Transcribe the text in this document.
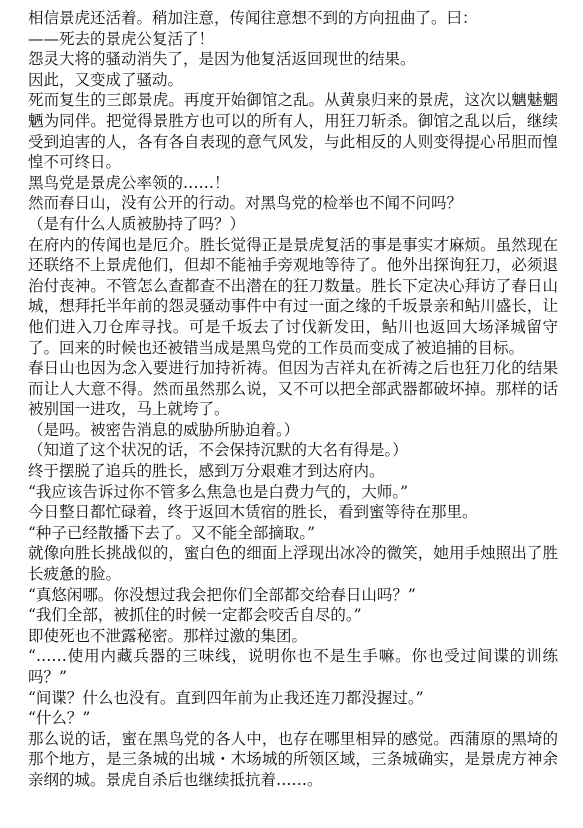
相信景虎还活着。稍加注意，传闻往意想不到的方向扭曲了。曰：

——死去的景虎公复活了！

怨灵大将的骚动消失了，是因为他复活返回现世的结果。

因此，又变成了骚动。

死而复生的三郎景虎。再度开始御馆之乱。从黄泉归来的景虎，这次以魑魅魍魉为同伴。把觉得景胜方也可以的所有人，用狂刀斩杀。御馆之乱以后，继续受到迫害的人，各有各自表现的意气风发，与此相反的人则变得提心吊胆而惶惶不可终日。

黑鸟党是景虎公率领的……！

然而春日山，没有公开的行动。对黑鸟党的检举也不闻不问吗？

（是有什么人质被胁持了吗？）

在府内的传闻也是厄介。胜长觉得正是景虎复活的事是事实才麻烦。虽然现在还联络不上景虎他们，但却不能袖手旁观地等待了。他外出探询狂刀，必须退治付丧神。不管怎么查都查不出潜在的狂刀数量。胜长下定决心拜访了春日山城，想拜托半年前的怨灵骚动事件中有过一面之缘的千坂景亲和鲇川盛长，让他们进入刀仓库寻找。可是千坂去了讨伐新发田，鲇川也返回大场泽城留守了。回来的时候也还被错当成是黑鸟党的工作员而变成了被追捕的目标。

春日山也因为念入要进行加持祈祷。但因为吉祥丸在祈祷之后也狂刀化的结果而让人大意不得。然而虽然那么说，又不可以把全部武器都破坏掉。那样的话被别国一进攻，马上就垮了。

（是吗。被密告消息的威胁所胁迫着。）

（知道了这个状况的话，不会保持沉默的大名有得是。）

终于摆脱了追兵的胜长，感到万分艰难才到达府内。

“我应该告诉过你不管多么焦急也是白费力气的，大师。”

今日整日都忙碌着，终于返回木赁宿的胜长，看到蜜等待在那里。

“种子已经散播下去了。又不能全部摘取。”

就像向胜长挑战似的，蜜白色的细面上浮现出冰冷的微笑，她用手烛照出了胜长疲惫的脸。

“真悠闲哪。你没想过我会把你们全部都交给春日山吗？”

“我们全部，被抓住的时候一定都会咬舌自尽的。”

即使死也不泄露秘密。那样过激的集团。

“……使用内藏兵器的三味线，说明你也不是生手嘛。你也受过间谍的训练吗？”

“间谍？什么也没有。直到四年前为止我还连刀都没握过。”

“什么？”

那么说的话，蜜在黑鸟党的各人中，也存在哪里相异的感觉。西蒲原的黑埼的那个地方，是三条城的出城・木场城的所领区域，三条城确实，是景虎方神余亲纲的城。景虎自杀后也继续抵抗着……。
